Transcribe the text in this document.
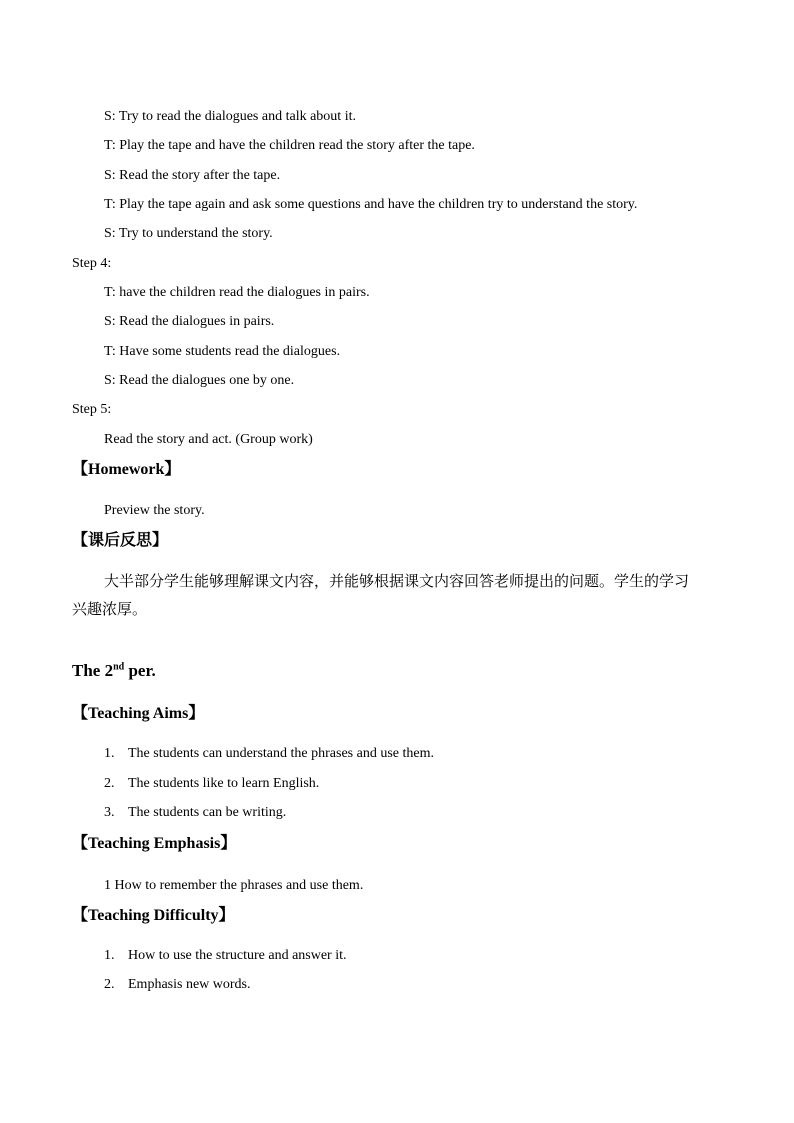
S: Try to read the dialogues and talk about it.
T: Play the tape and have the children read the story after the tape.
S: Read the story after the tape.
T: Play the tape again and ask some questions and have the children try to understand the story.
S: Try to understand the story.
Step 4:
T: have the children read the dialogues in pairs.
S: Read the dialogues in pairs.
T: Have some students read the dialogues.
S: Read the dialogues one by one.
Step 5:
Read the story and act. (Group work)
【Homework】
Preview the story.
【课后反思】
大半部分学生能够理解课文内容，并能够根据课文内容回答老师提出的问题。学生的学习
兴趣浓厚。
The 2nd per.
【Teaching Aims】
1. The students can understand the phrases and use them.
2. The students like to learn English.
3. The students can be writing.
【Teaching Emphasis】
1 How to remember the phrases and use them.
【Teaching Difficulty】
1. How to use the structure and answer it.
2. Emphasis new words.
